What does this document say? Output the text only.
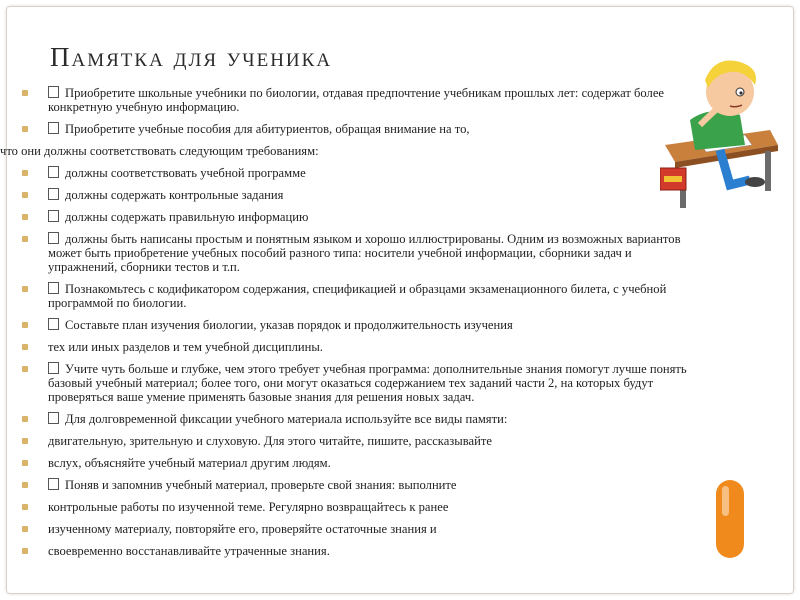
Памятка для ученика
Приобретите школьные учебники по биологии, отдавая предпочтение учебникам прошлых лет: содержат более конкретную учебную информацию.
Приобретите учебные пособия для абитуриентов, обращая внимание на то,
что они должны соответствовать следующим требованиям:
должны соответствовать учебной программе
должны содержать контрольные задания
должны содержать правильную информацию
должны быть написаны простым и понятным языком и хорошо иллюстрированы. Одним из возможных вариантов может быть приобретение учебных пособий разного типа: носители учебной информации, сборники задач и упражнений, сборники тестов и т.п.
Познакомьтесь с кодификатором содержания, спецификацией и образцами экзаменационного билета, с учебной программой по биологии.
Составьте план изучения биологии, указав порядок и продолжительность изучения
тех или иных разделов и тем учебной дисциплины.
Учите чуть больше и глубже, чем этого требует учебная программа: дополнительные знания помогут лучше понять базовый учебный материал; более того, они могут оказаться содержанием тех заданий части 2, на которых будут проверяться ваше умение применять базовые знания для решения новых задач.
Для долговременной фиксации учебного материала используйте все виды памяти:
двигательную, зрительную и слуховую. Для этого читайте, пишите, рассказывайте
вслух, объясняйте учебный материал другим людям.
Поняв и запомнив учебный материал, проверьте свой знания: выполните
контрольные работы по изученной теме. Регулярно возвращайтесь к ранее
изученному материалу, повторяйте его, проверяйте остаточные знания и
своевременно восстанавливайте утраченные знания.
